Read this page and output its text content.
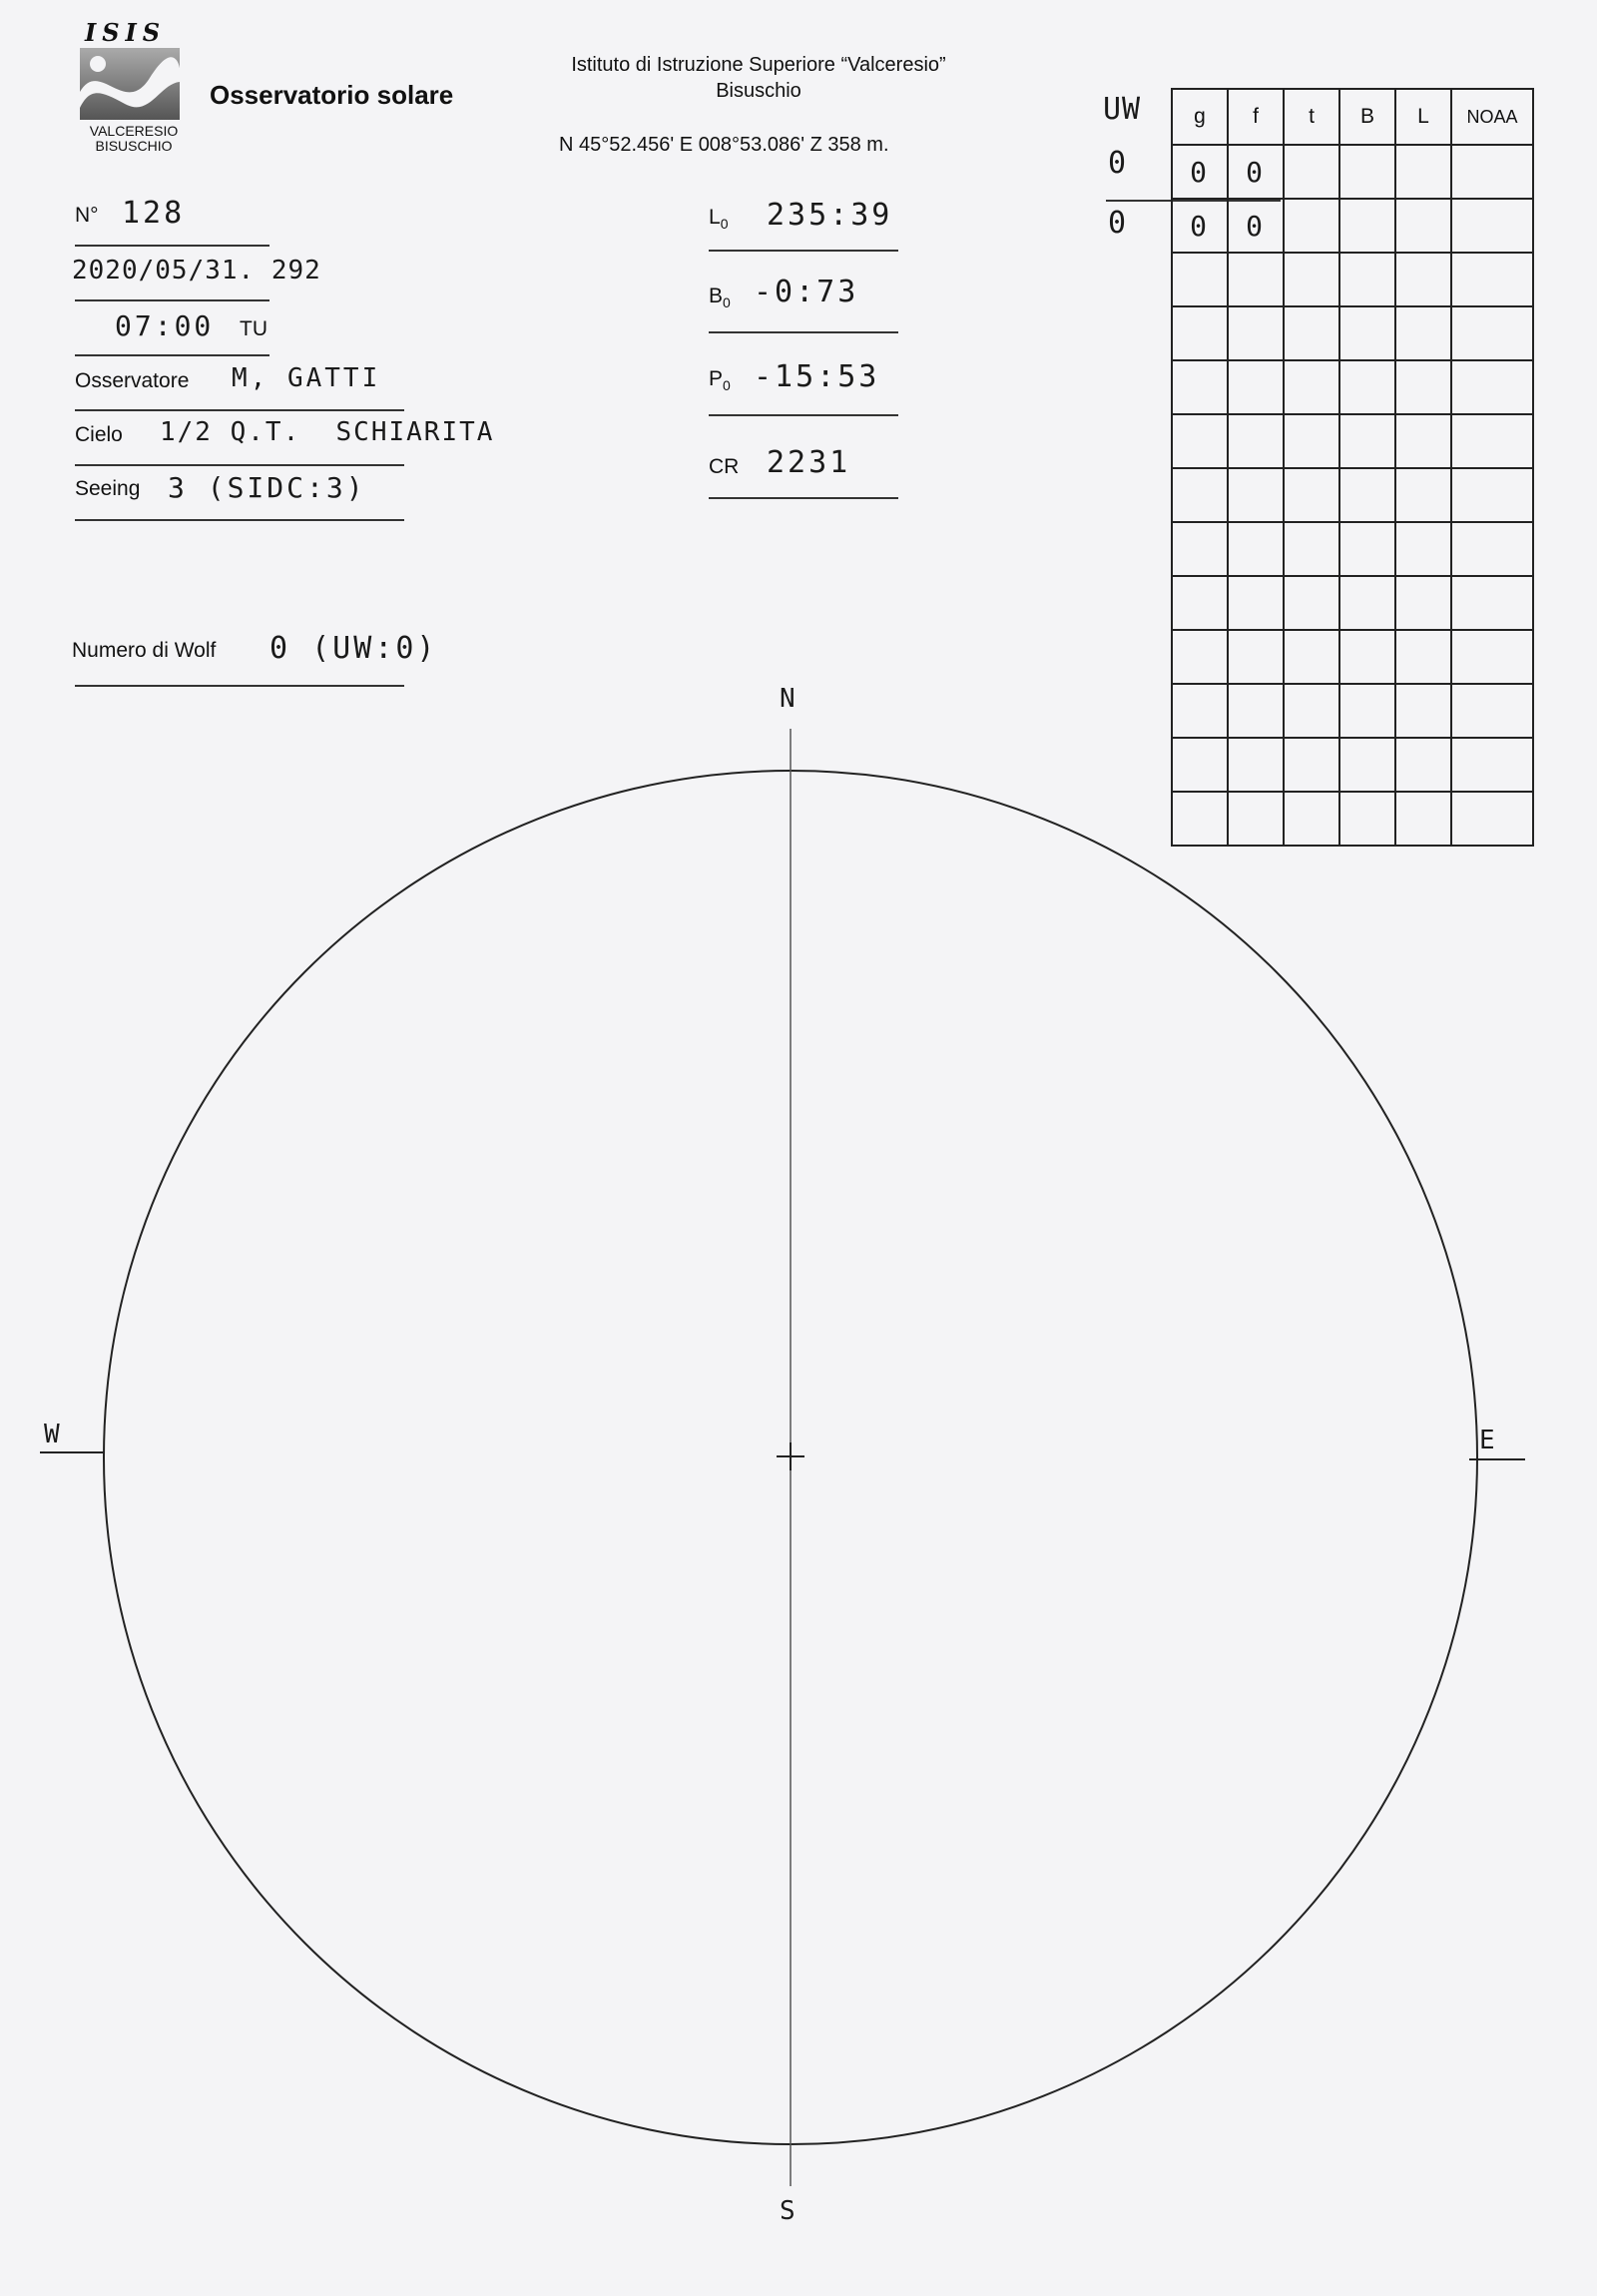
ISIS
VALCERESIO
BISUSCHIO
Osservatorio solare
Istituto di Istruzione Superiore “Valceresio”
Bisuschio
N 45°52.456' E 008°53.086' Z 358 m.
N° 128
2020/05/31. 292
07:00 TU
Osservatore M, GATTI
Cielo 1/2 Q.T.  SCHIARITA
Seeing 3 (SIDC:3)
Numero di Wolf 0 (UW:0)
$L_0$ 235:39
$B_0$ -0:73
$P_0$ -15:53
CR 2231
UW
0
0
g	f	t	B	L	NOAA
0	0				
0	0				

N
S
W	E
